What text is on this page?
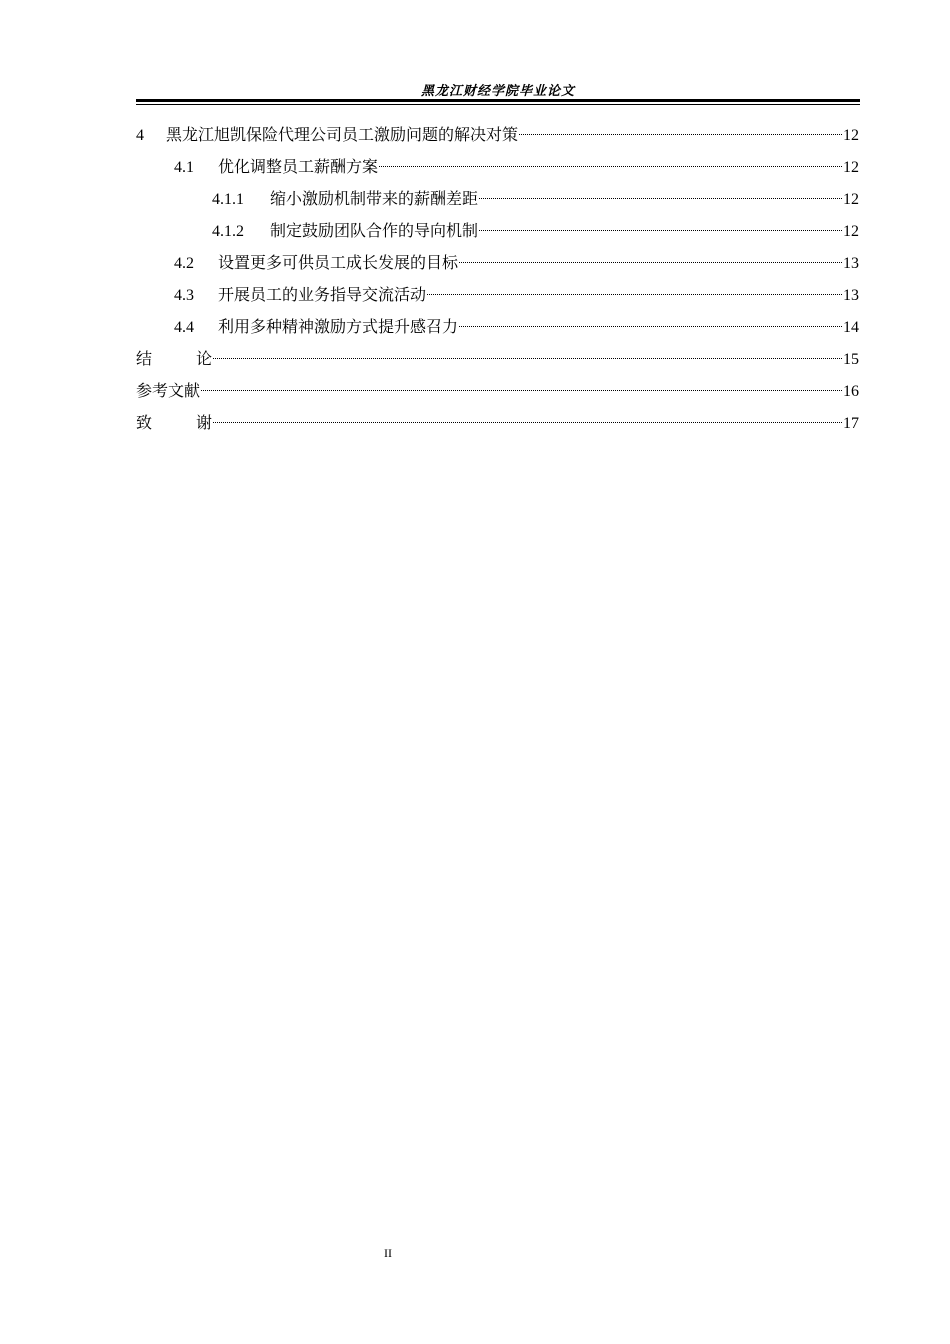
黑龙江财经学院毕业论文
4	黑龙江旭凯保险代理公司员工激励问题的解决对策	12
4.1	优化调整员工薪酬方案	12
4.1.1	缩小激励机制带来的薪酬差距	12
4.1.2	制定鼓励团队合作的导向机制	12
4.2	设置更多可供员工成长发展的目标	13
4.3	开展员工的业务指导交流活动	13
4.4	利用多种精神激励方式提升感召力	14
结论	15
参考文献	16
致谢	17
II
